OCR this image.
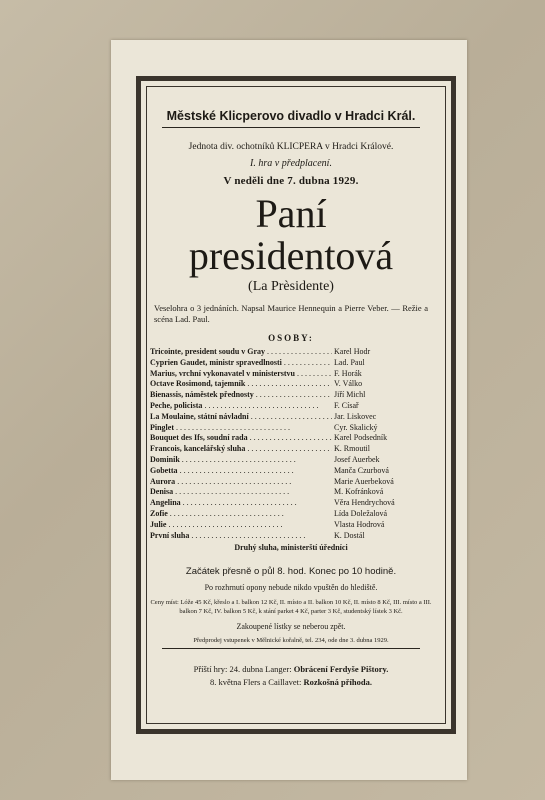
Městské Klicperovo divadlo v Hradci Král.
Jednota div. ochotníků KLICPERA v Hradci Králové.
I. hra v předplacení.
V neděli dne 7. dubna 1929.
Paní
presidentová
(La Prèsidente)
Veselohra o 3 jednáních. Napsal Maurice Hennequin a Pierre Veber. — Režie a scéna Lad. Paul.
OSOBY:
Tricointe, president soudu v Gray . . .	Karel Hodr
Cyprien Gaudet, ministr spravedlnosti . . .	Lad. Paul
Marius, vrchní vykonavatel v ministerstvu . . .	F. Horák
Octave Rosimond, tajemník . . .	V. Válko
Bienassis, náměstek přednosty . . .	Jiří Michl
Peche, policista . . .	F. Císař
La Moulaine, státní návladní . . .	Jar. Liskovec
Pinglet . . .	Cyr. Skalický
Bouquet des Ifs, soudní rada . . .	Karel Podsedník
Francois, kancelářský sluha . . .	K. Rmoutil
Dominik . . .	Josef Auerbek
Gobetta . . .	Manča Czurbová
Aurora . . .	Marie Auerbeková
Denisa . . .	M. Kofránková
Angelina . . .	Věra Hendrychová
Zofie . . .	Lída Doležalová
Julie . . .	Vlasta Hodrová
První sluha . . .	K. Dostál
Druhý sluha, ministerští úředníci
Začátek přesně o půl 8. hod. Konec po 10 hodině.
Po rozhrnutí opony nebude nikdo vpuštěn do hlediště.
Ceny míst: Lóže 45 Kč, křeslo a I. balkon 12 Kč, II. místo a II. balkon 10 Kč, II. místo 8 Kč, III. místo a III. balkon 7 Kč, IV. balkon 5 Kč, k stání parket 4 Kč, parter 3 Kč, studentský lístek 3 Kč.
Zakoupené lístky se neberou zpět.
Předprodej vstupenek v Mělnické kořalně, tel. 234, ode dne 3. dubna 1929.
Příští hry: 24. dubna Langer: Obrácení Ferdyše Pištory.
8. května Flers a Caillavet: Rozkošná příhoda.
